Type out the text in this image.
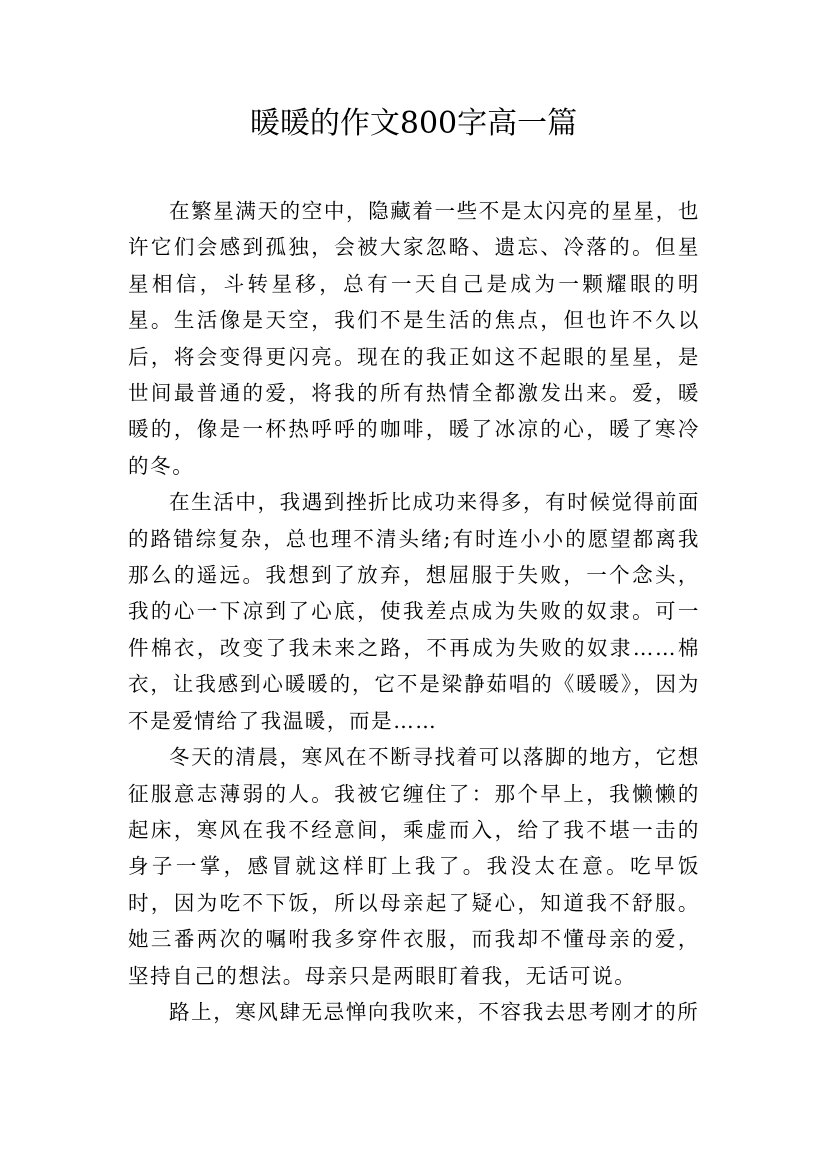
暖暖的作文800字高一篇

在繁星满天的空中，隐藏着一些不是太闪亮的星星，也许它们会感到孤独，会被大家忽略、遗忘、冷落的。但星星相信，斗转星移，总有一天自己是成为一颗耀眼的明星。生活像是天空，我们不是生活的焦点，但也许不久以后，将会变得更闪亮。现在的我正如这不起眼的星星，是世间最普通的爱，将我的所有热情全都激发出来。爱，暖暖的，像是一杯热呼呼的咖啡，暖了冰凉的心，暖了寒冷的冬。

在生活中，我遇到挫折比成功来得多，有时候觉得前面的路错综复杂，总也理不清头绪;有时连小小的愿望都离我那么的遥远。我想到了放弃，想屈服于失败，一个念头，我的心一下凉到了心底，使我差点成为失败的奴隶。可一件棉衣，改变了我未来之路，不再成为失败的奴隶……棉衣，让我感到心暖暖的，它不是梁静茹唱的《暖暖》，因为不是爱情给了我温暖，而是……

冬天的清晨，寒风在不断寻找着可以落脚的地方，它想征服意志薄弱的人。我被它缠住了：那个早上，我懒懒的起床，寒风在我不经意间，乘虚而入，给了我不堪一击的身子一掌，感冒就这样盯上我了。我没太在意。吃早饭时，因为吃不下饭，所以母亲起了疑心，知道我不舒服。她三番两次的嘱咐我多穿件衣服，而我却不懂母亲的爱，坚持自己的想法。母亲只是两眼盯着我，无话可说。

路上，寒风肆无忌惮向我吹来，不容我去思考刚才的所
